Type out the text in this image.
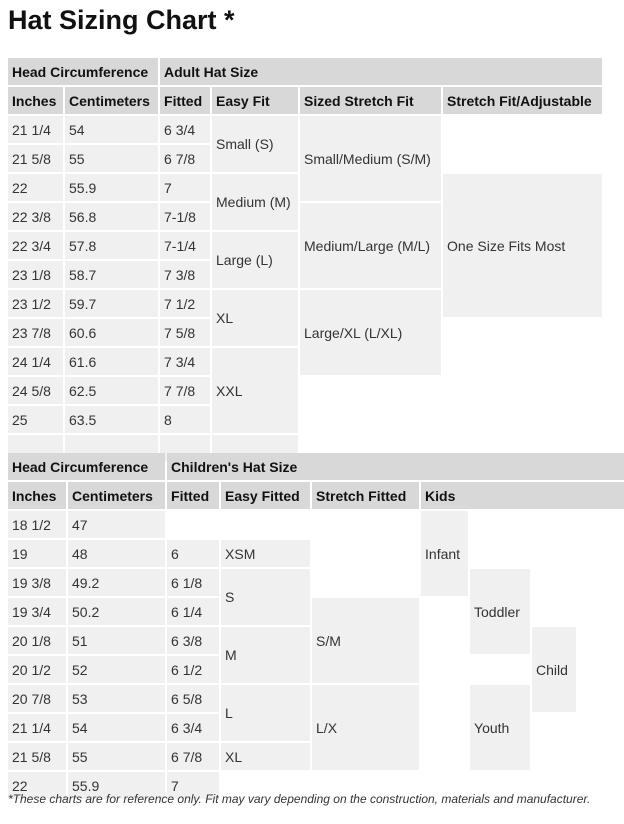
Hat Sizing Chart *
Head Circumference		Adult Hat Size			
Inches	Centimeters	Fitted	Easy Fit	Sized Stretch Fit	Stretch Fit/Adjustable
21 1/4	54	6 3/4	Small (S)	Small/Medium (S/M)	
21 5/8	55	6 7/8			
22	55.9	7	Medium (M)		One Size Fits Most
22 3/8	56.8	7-1/8		Medium/Large (M/L)	
22 3/4	57.8	7-1/4	Large (L)		
23 1/8	58.7	7 3/8			
23 1/2	59.7	7 1/2	XL	Large/XL (L/XL)	
23 7/8	60.6	7 5/8			
24 1/4	61.6	7 3/4	XXL		
24 5/8	62.5	7 7/8			
25	63.5	8			

Head Circumference		Children's Hat Size						
Inches	Centimeters	Fitted	Easy Fitted	Stretch Fitted	Kids			
18 1/2	47				Infant			
19	48	6	XSM					
19 3/8	49.2	6 1/8	S			Toddler		
19 3/4	50.2	6 1/4		S/M				
20 1/8	51	6 3/8	M				Child	
20 1/2	52	6 1/2						
20 7/8	53	6 5/8	L	L/X		Youth		
21 1/4	54	6 3/4						
21 5/8	55	6 7/8	XL					
22	55.9	7						

*These charts are for reference only. Fit may vary depending on the construction, materials and manufacturer.
